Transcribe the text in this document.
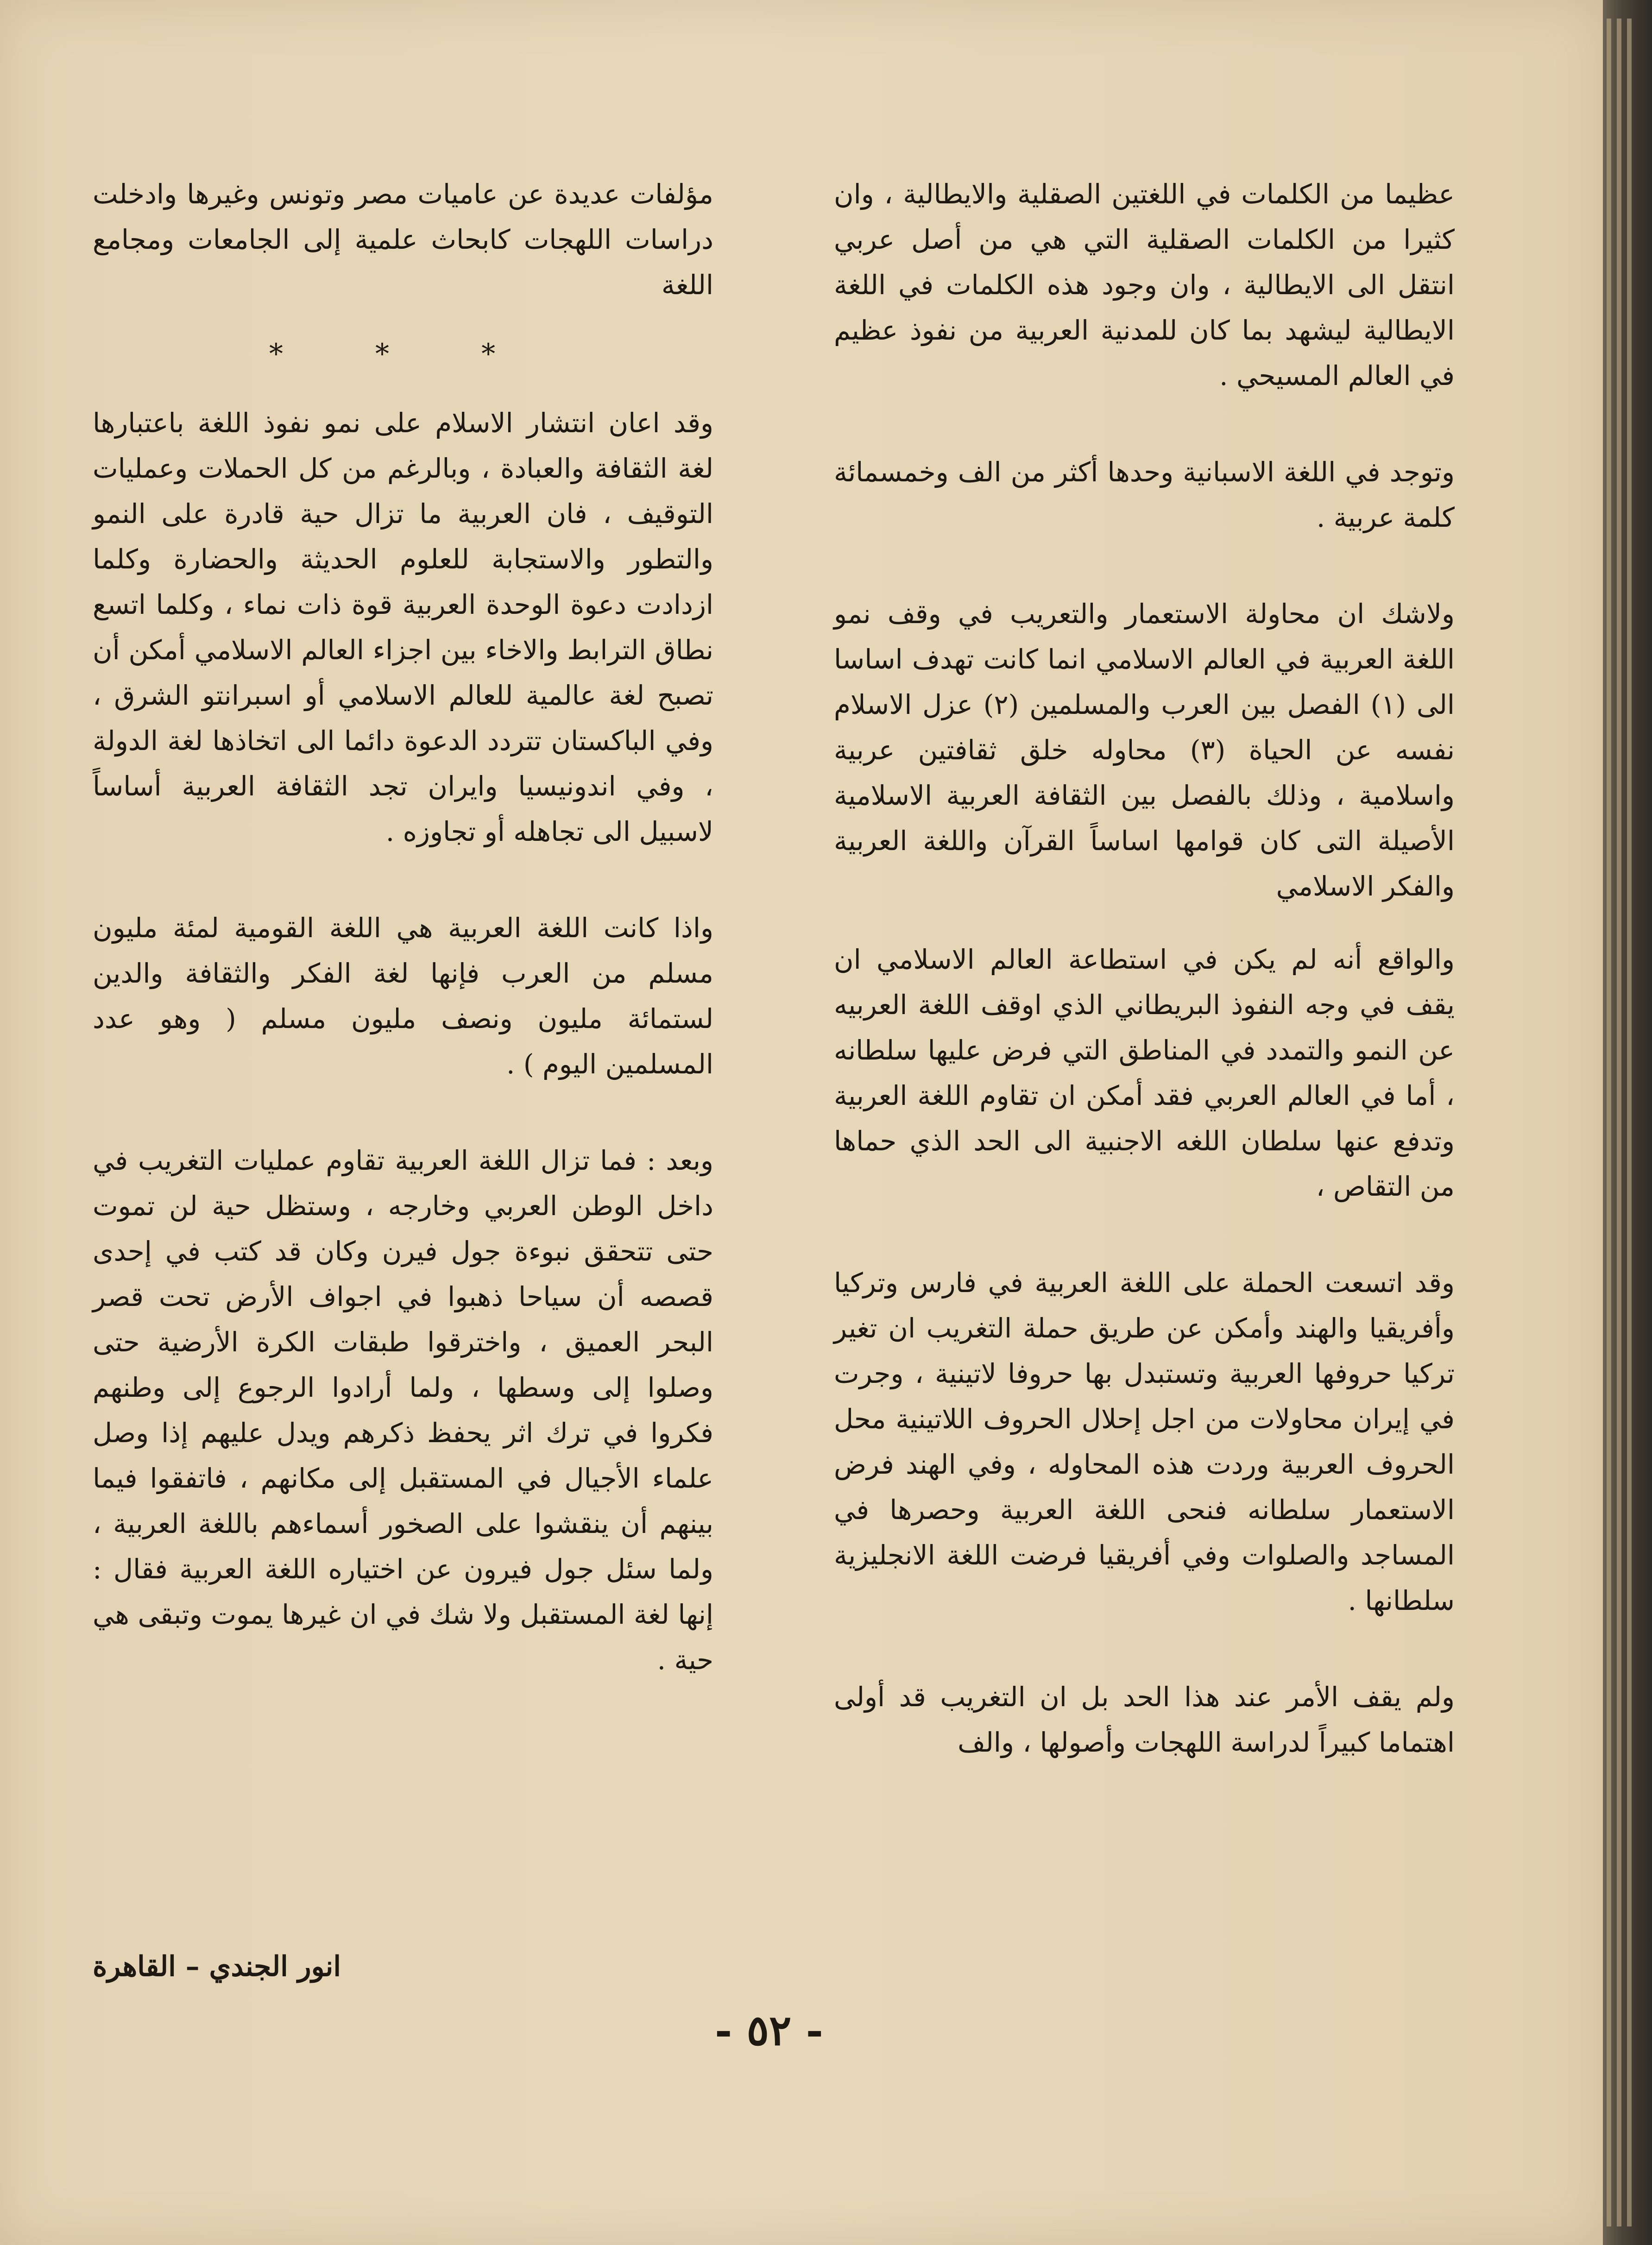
عظيما من الكلمات في اللغتين الصقلية والايطالية ، وان كثيرا من الكلمات الصقلية التي هي من أصل عربي انتقل الى الايطالية ، وان وجود هذه الكلمات في اللغة الايطالية ليشهد بما كان للمدنية العربية من نفوذ عظيم في العالم المسيحي .

وتوجد في اللغة الاسبانية وحدها أكثر من الف وخمسمائة كلمة عربية .

ولاشك ان محاولة الاستعمار والتعريب في وقف نمو اللغة العربية في العالم الاسلامي انما كانت تهدف اساسا الى (١) الفصل بين العرب والمسلمين (٢) عزل الاسلام نفسه عن الحياة (٣) محاوله خلق ثقافتين عربية واسلامية ، وذلك بالفصل بين الثقافة العربية الاسلامية الأصيلة التى كان قوامها اساساً القرآن واللغة العربية والفكر الاسلامي

والواقع أنه لم يكن في استطاعة العالم الاسلامي ان يقف في وجه النفوذ البريطاني الذي اوقف اللغة العربيه عن النمو والتمدد في المناطق التي فرض عليها سلطانه ، أما في العالم العربي فقد أمكن ان تقاوم اللغة العربية وتدفع عنها سلطان اللغه الاجنبية الى الحد الذي حماها من التقاص ،

وقد اتسعت الحملة على اللغة العربية في فارس وتركيا وأفريقيا والهند وأمكن عن طريق حملة التغريب ان تغير تركيا حروفها العربية وتستبدل بها حروفا لاتينية ، وجرت في إيران محاولات من اجل إحلال الحروف اللاتينية محل الحروف العربية وردت هذه المحاوله ، وفي الهند فرض الاستعمار سلطانه فنحى اللغة العربية وحصرها في المساجد والصلوات وفي أفريقيا فرضت اللغة الانجليزية سلطانها .

ولم يقف الأمر عند هذا الحد بل ان التغريب قد أولى اهتماما كبيراً لدراسة اللهجات وأصولها ، والف

مؤلفات عديدة عن عاميات مصر وتونس وغيرها وادخلت دراسات اللهجات كابحاث علمية إلى الجامعات ومجامع اللغة

* * *

وقد اعان انتشار الاسلام على نمو نفوذ اللغة باعتبارها لغة الثقافة والعبادة ، وبالرغم من كل الحملات وعمليات التوقيف ، فان العربية ما تزال حية قادرة على النمو والتطور والاستجابة للعلوم الحديثة والحضارة وكلما ازدادت دعوة الوحدة العربية قوة ذات نماء ، وكلما اتسع نطاق الترابط والاخاء بين اجزاء العالم الاسلامي أمكن أن تصبح لغة عالمية للعالم الاسلامي أو اسبرانتو الشرق ، وفي الباكستان تتردد الدعوة دائما الى اتخاذها لغة الدولة ، وفي اندونيسيا وايران تجد الثقافة العربية أساساً لاسبيل الى تجاهله أو تجاوزه .

واذا كانت اللغة العربية هي اللغة القومية لمئة مليون مسلم من العرب فإنها لغة الفكر والثقافة والدين لستمائة مليون ونصف مليون مسلم ( وهو عدد المسلمين اليوم ) .

وبعد : فما تزال اللغة العربية تقاوم عمليات التغريب في داخل الوطن العربي وخارجه ، وستظل حية لن تموت حتى تتحقق نبوءة جول فيرن وكان قد كتب في إحدى قصصه أن سياحا ذهبوا في اجواف الأرض تحت قصر البحر العميق ، واخترقوا طبقات الكرة الأرضية حتى وصلوا إلى وسطها ، ولما أرادوا الرجوع إلى وطنهم فكروا في ترك اثر يحفظ ذكرهم ويدل عليهم إذا وصل علماء الأجيال في المستقبل إلى مكانهم ، فاتفقوا فيما بينهم أن ينقشوا على الصخور أسماءهم باللغة العربية ، ولما سئل جول فيرون عن اختياره اللغة العربية فقال : إنها لغة المستقبل ولا شك في ان غيرها يموت وتبقى هي حية .

انور الجندي – القاهرة
- ٥٢ -
